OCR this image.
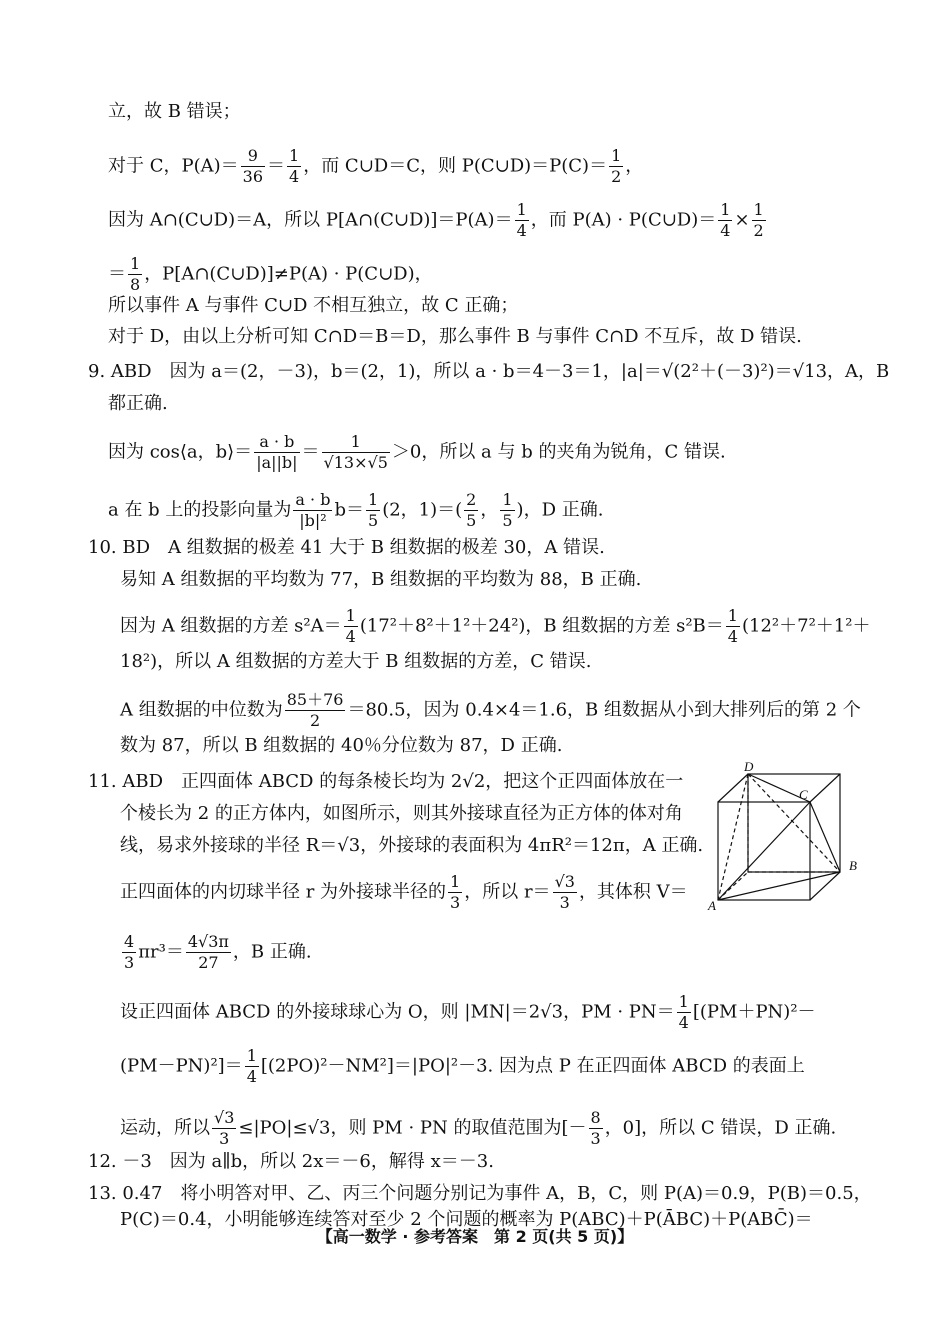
立，故 B 错误；
对于 C，$P(A)= \frac{9}{36} = \frac{1}{4}$ ，而 C∪D＝C，则 P(C∪D)＝P(C)＝ $\frac{1}{2}$ ，
因为 A∩(C∪D)＝A，所以 P[A∩(C∪D)]＝P(A)＝ $\frac{1}{4}$ ，而 P(A) · P(C∪D)＝ $\frac{1}{4} \times \frac{1}{2}$
＝ $\frac{1}{8}$ ，P[A∩(C∪D)]≠P(A) · P(C∪D)，
所以事件 A 与事件 C∪D 不相互独立，故 C 正确；
对于 D，由以上分析可知 C∩D＝B＝D，那么事件 B 与事件 C∩D 不互斥，故 D 错误.
9. ABD　因为 a＝(2，－3)，b＝(2，1)，所以 a · b＝4－3＝1，|a|＝√(2²＋(－3)²)＝√13，A，B
都正确.
因为 cos⟨a，b⟩＝ $\frac{a \cdot b}{|a||b|} = \frac{1}{√13\times√5} >0$，所以 a 与 b 的夹角为锐角，C 错误.
a 在 b 上的投影向量为 $\frac{a \cdot b}{\text{|b|²}} b= \frac{1}{5} (2$，$1)=( \frac{2}{5}$ ， $\frac{1}{5}$ )，D 正确.
10. BD　A 组数据的极差 41 大于 B 组数据的极差 30，A 错误.
易知 A 组数据的平均数为 77，B 组数据的平均数为 88，B 正确.
因为 A 组数据的方差 $s^2A= \frac{1}{4} (17^2+8^2+1^2+24^2)$，B 组数据的方差 $s^2B= \frac{1}{4} (12^2+7^2+1^2+$
18²)，所以 A 组数据的方差大于 B 组数据的方差，C 错误.
A 组数据的中位数为 $\frac{85+76}{2} =80.5$，因为 0.4×4＝1.6，B 组数据从小到大排列后的第 2 个
数为 87，所以 B 组数据的 40％分位数为 87，D 正确.
11. ABD　正四面体 ABCD 的每条棱长均为 2√2，把这个正四面体放在一
个棱长为 2 的正方体内，如图所示，则其外接球直径为正方体的体对角
线，易求外接球的半径 R＝√3，外接球的表面积为 4πR²＝12π，A 正确.
正四面体的内切球半径 r 为外接球半径的 $\frac{1}{3}$ ，所以 $r= \frac{√3}{3}$ ，其体积 V＝
$\frac{4}{3} \pi r^3= \frac{4√3\pi}{27}$ ，B 正确.
设正四面体 ABCD 的外接球球心为 O，则 |MN|＝2√3，PM · $PN= \frac{1}{4} [(PM+PN)^2-$
$(PM-PN)^2]= \frac{1}{4} [(2PO)^2-NM^2]=|PO|^2-3$. 因为点 P 在正四面体 ABCD 的表面上
运动，所以 $\frac{√3}{3} \le|PO|\le√3$，则 PM · PN 的取值范围为[－ $\frac{8}{3}$ ，0]，所以 C 错误，D 正确.
12. －3　因为 a∥b，所以 2x＝－6，解得 x＝－3.
13. 0.47　将小明答对甲、乙、丙三个问题分别记为事件 A，B，C，则 P(A)＝0.9，P(B)＝0.5，
P(C)＝0.4，小明能够连续答对至少 2 个问题的概率为 P(ABC)＋P(ĀBC)＋P(ABC̄)＝
D
C
B
A
【高一数学 · 参考答案　第 2 页(共 5 页)】
